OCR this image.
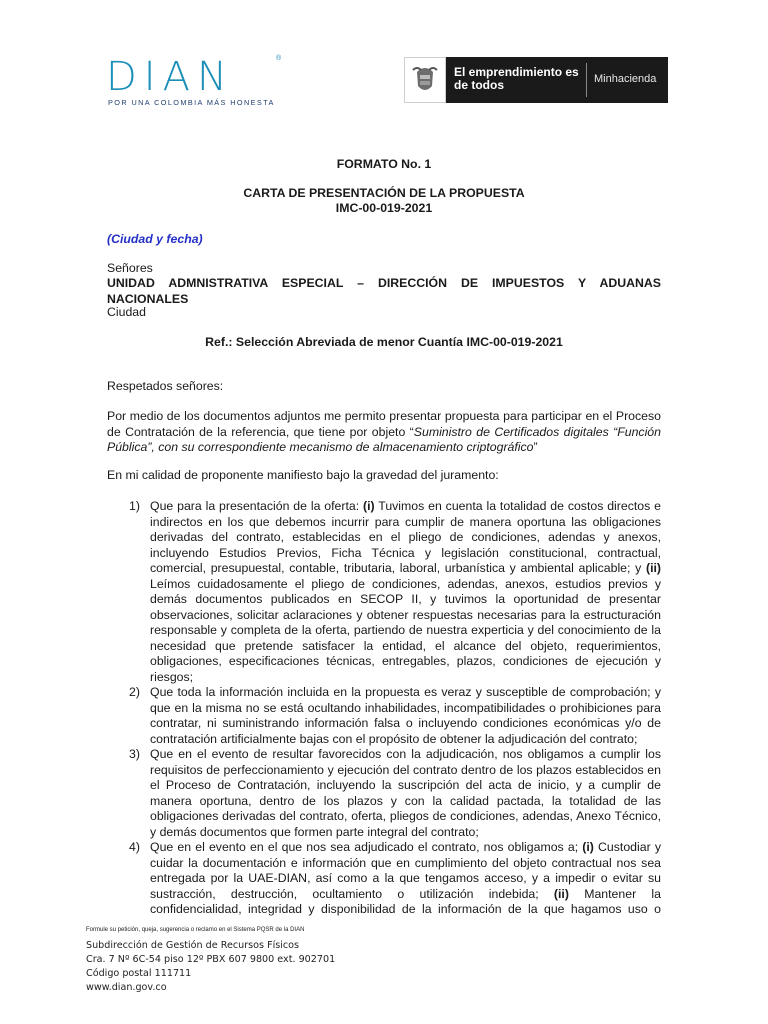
DIAN	®
POR UNA COLOMBIA MÁS HONESTA
El emprendimiento es de todos	Minhacienda
FORMATO No. 1
CARTA DE PRESENTACIÓN DE LA PROPUESTA
IMC-00-019-2021
(Ciudad y fecha)
Señores
UNIDAD ADMNISTRATIVA ESPECIAL – DIRECCIÓN DE IMPUESTOS Y ADUANAS NACIONALES
Ciudad
Ref.: Selección Abreviada de menor Cuantía IMC-00-019-2021
Respetados señores:

Por medio de los documentos adjuntos me permito presentar propuesta para participar en el Proceso de Contratación de la referencia, que tiene por objeto “Suministro de Certificados digitales “Función Pública”, con su correspondiente mecanismo de almacenamiento criptográfico”

En mi calidad de proponente manifiesto bajo la gravedad del juramento:
1) Que para la presentación de la oferta: (i) Tuvimos en cuenta la totalidad de costos directos e indirectos en los que debemos incurrir para cumplir de manera oportuna las obligaciones derivadas del contrato, establecidas en el pliego de condiciones, adendas y anexos, incluyendo Estudios Previos, Ficha Técnica y legislación constitucional, contractual, comercial, presupuestal, contable, tributaria, laboral, urbanística y ambiental aplicable; y (ii) Leímos cuidadosamente el pliego de condiciones, adendas, anexos, estudios previos y demás documentos publicados en SECOP II, y tuvimos la oportunidad de presentar observaciones, solicitar aclaraciones y obtener respuestas necesarias para la estructuración responsable y completa de la oferta, partiendo de nuestra experticia y del conocimiento de la necesidad que pretende satisfacer la entidad, el alcance del objeto, requerimientos, obligaciones, especificaciones técnicas, entregables, plazos, condiciones de ejecución y riesgos;
2) Que toda la información incluida en la propuesta es veraz y susceptible de comprobación; y que en la misma no se está ocultando inhabilidades, incompatibilidades o prohibiciones para contratar, ni suministrando información falsa o incluyendo condiciones económicas y/o de contratación artificialmente bajas con el propósito de obtener la adjudicación del contrato;
3) Que en el evento de resultar favorecidos con la adjudicación, nos obligamos a cumplir los requisitos de perfeccionamiento y ejecución del contrato dentro de los plazos establecidos en el Proceso de Contratación, incluyendo la suscripción del acta de inicio, y a cumplir de manera oportuna, dentro de los plazos y con la calidad pactada, la totalidad de las obligaciones derivadas del contrato, oferta, pliegos de condiciones, adendas, Anexo Técnico, y demás documentos que formen parte integral del contrato;
4) Que en el evento en el que nos sea adjudicado el contrato, nos obligamos a; (i) Custodiar y cuidar la documentación e información que en cumplimiento del objeto contractual nos sea entregada por la UAE-DIAN, así como a la que tengamos acceso, y a impedir o evitar su sustracción, destrucción, ocultamiento o utilización indebida; (ii) Mantener la confidencialidad, integridad y disponibilidad de la información de la que hagamos uso o
Formule su petición, queja, sugerencia o reclamo en el Sistema PQSR de la DIAN
Subdirección de Gestión de Recursos Físicos
Cra. 7 Nº 6C-54 piso 12º PBX 607 9800 ext. 902701
Código postal 111711
www.dian.gov.co
